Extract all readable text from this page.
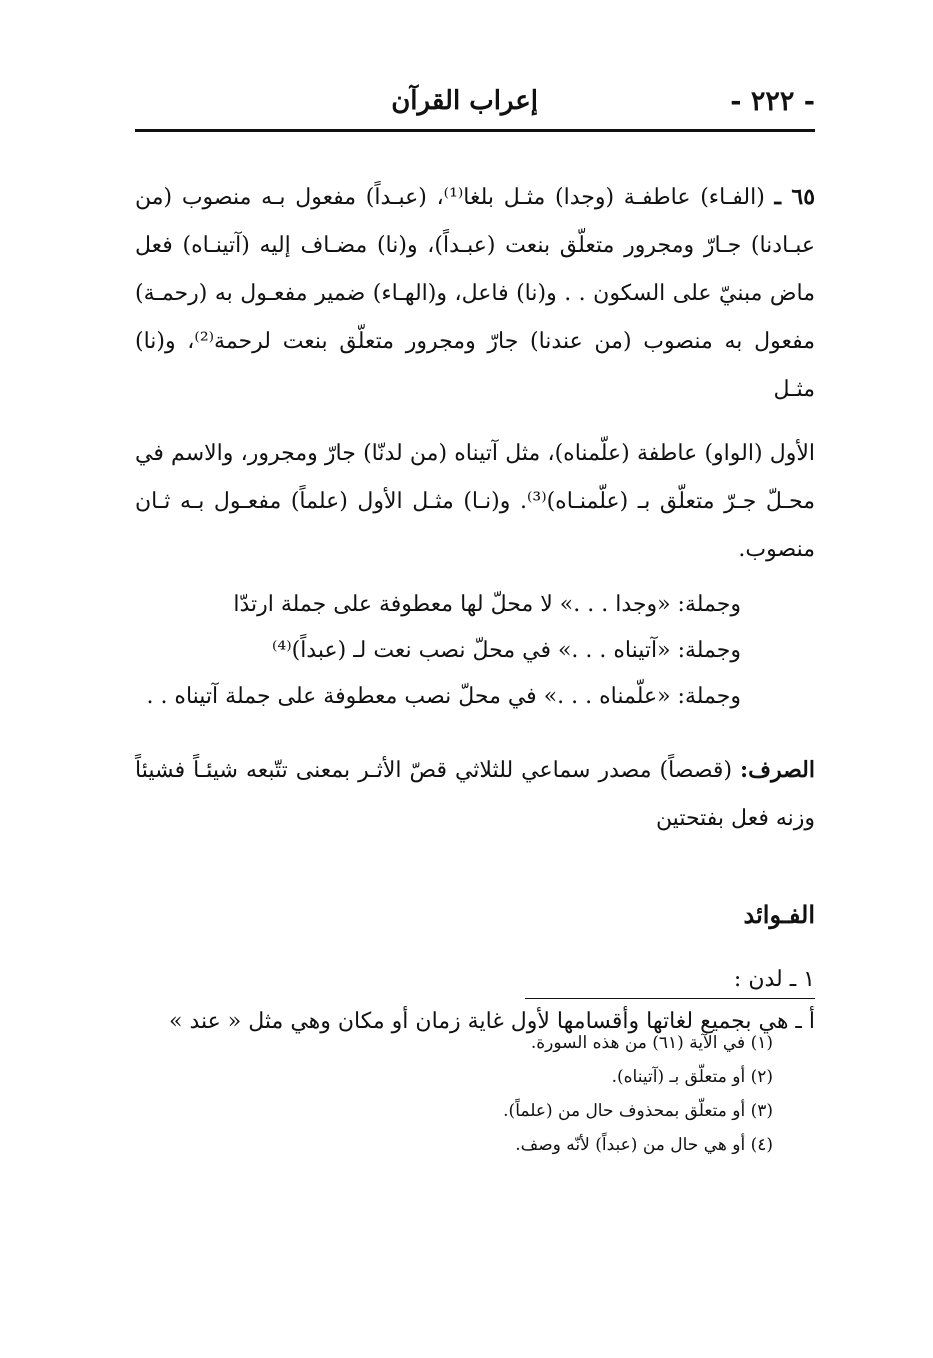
- ٢٢٢ -
إعراب القرآن

٦٥ ـ (الفـاء) عاطفـة (وجدا) مثـل بلغا⁽¹⁾، (عبـداً) مفعول بـه منصوب (من عبـادنا) جـارّ ومجرور متعلّق بنعت (عبـداً)، و(نا) مضـاف إليه (آتينـاه) فعل ماض مبنيّ على السكون . . و(نا) فاعل، و(الهـاء) ضمير مفعـول به (رحمـة) مفعول به منصوب (من عندنا) جارّ ومجرور متعلّق بنعت لرحمة⁽²⁾، و(نا) مثـل

الأول (الواو) عاطفة (علّمناه)، مثل آتيناه (من لدنّا) جارّ ومجرور، والاسم في محـلّ جـرّ متعلّق بـ (علّمنـاه)⁽³⁾. و(نـا) مثـل الأول (علماً) مفعـول بـه ثـان منصوب.

وجملة: «وجدا . . .» لا محلّ لها معطوفة على جملة ارتدّا
وجملة: «آتيناه . . .» في محلّ نصب نعت لـ (عبداً)⁽⁴⁾
وجملة: «علّمناه . . .» في محلّ نصب معطوفة على جملة آتيناه . .

الصرف: (قصصاً) مصدر سماعي للثلاثي قصّ الأثـر بمعنى تتّبعه شيئـاً فشيئاً وزنه فعل بفتحتين

الفـوائد
١ ـ لدن :
أ ـ هي بجميع لغاتها وأقسامها لأول غاية زمان أو مكان وهي مثل « عند »
(١) في الآية (٦١) من هذه السورة.
(٢) أو متعلّق بـ (آتيناه).
(٣) أو متعلّق بمحذوف حال من (علماً).
(٤) أو هي حال من (عبداً) لأنّه وصف.
